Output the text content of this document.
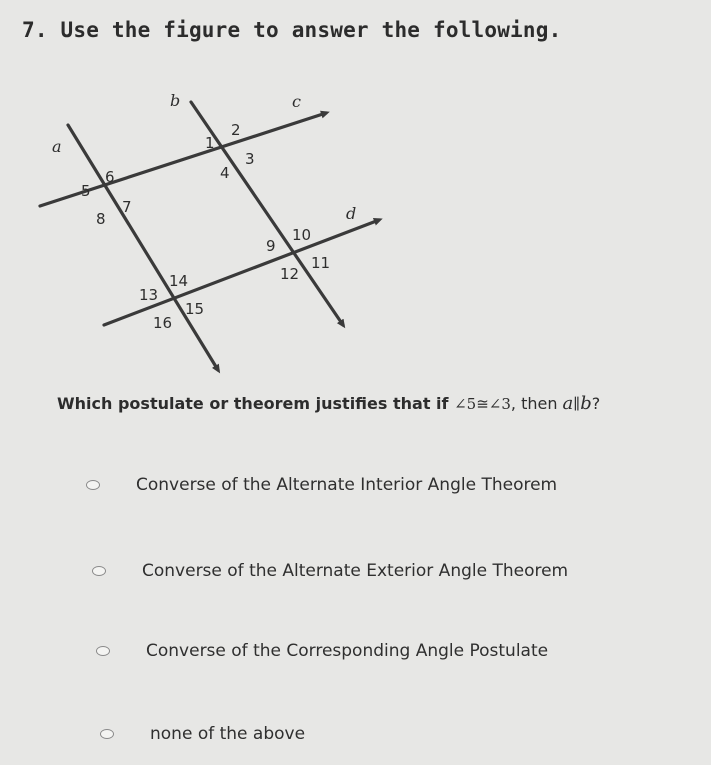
7. Use the figure to answer the following.
a
b	c
d
1
2
3
4
5
6
7
8
9
10
11
12
13
14
15
16
Which postulate or theorem justifies that if ∠5≅∠3, then a∥b?
Converse of the Alternate Interior Angle Theorem
Converse of the Alternate Exterior Angle Theorem
Converse of the Corresponding Angle Postulate
none of the above
